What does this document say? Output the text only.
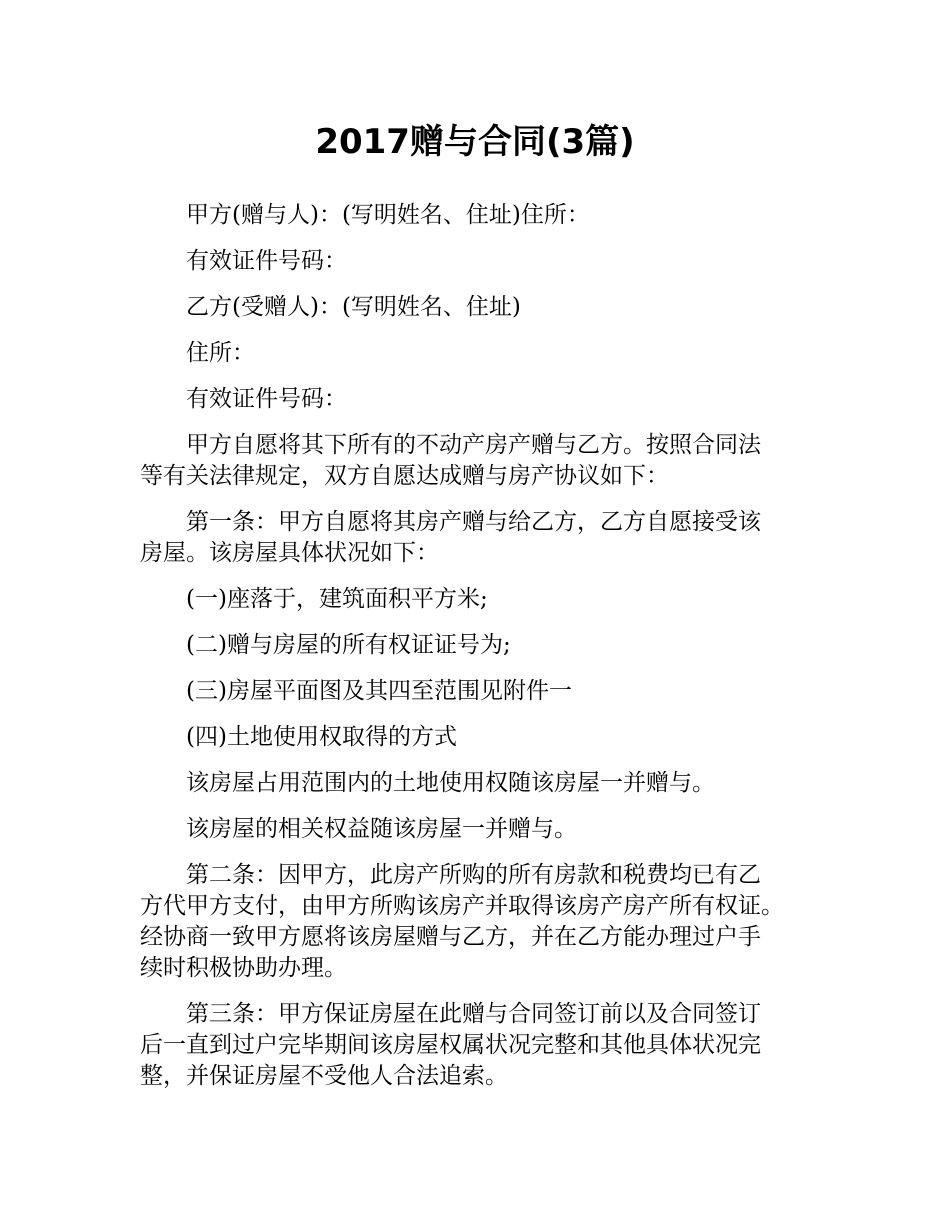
2017赠与合同(3篇)

甲方(赠与人)：(写明姓名、住址)住所：

有效证件号码：

乙方(受赠人)：(写明姓名、住址)

住所：

有效证件号码：

甲方自愿将其下所有的不动产房产赠与乙方。按照合同法
等有关法律规定，双方自愿达成赠与房产协议如下：

第一条：甲方自愿将其房产赠与给乙方，乙方自愿接受该
房屋。该房屋具体状况如下：

(一)座落于，建筑面积平方米;

(二)赠与房屋的所有权证证号为;

(三)房屋平面图及其四至范围见附件一

(四)土地使用权取得的方式

该房屋占用范围内的土地使用权随该房屋一并赠与。

该房屋的相关权益随该房屋一并赠与。

第二条：因甲方，此房产所购的所有房款和税费均已有乙
方代甲方支付，由甲方所购该房产并取得该房产房产所有权证。
经协商一致甲方愿将该房屋赠与乙方，并在乙方能办理过户手
续时积极协助办理。

第三条：甲方保证房屋在此赠与合同签订前以及合同签订
后一直到过户完毕期间该房屋权属状况完整和其他具体状况完
整，并保证房屋不受他人合法追索。
